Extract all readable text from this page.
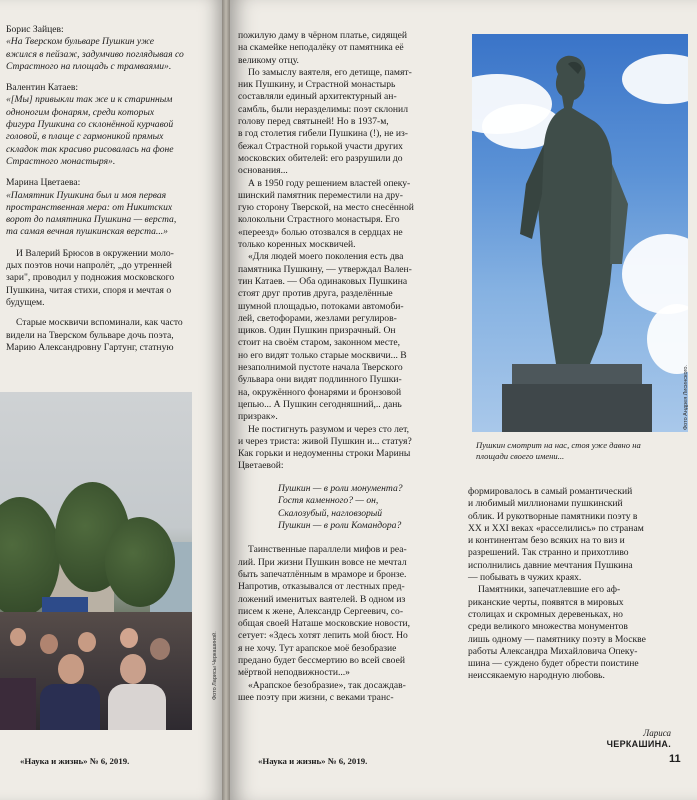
Борис Зайцев:

«На Тверском бульваре Пушкин уже
вжился в пейзаж, задумчиво поглядывая со
Страстного на площадь с трамваями».

Валентин Катаев:

«[Мы] привыкли так же и к старинным
одноногим фонарям, среди которых
фигура Пушкина со склонённой курчавой
головой, в плаще с гармоникой прямых
складок так красиво рисовалась на фоне
Страстного монастыря».

Марина Цветаева:

«Памятник Пушкина был и моя первая
пространственная мера: от Никитских
ворот до памятника Пушкина — верста,
та самая вечная пушкинская верста...»

И Валерий Брюсов в окружении моло-
дых поэтов ночи напролёт, „до утренней
зари", проводил у подножия московского
Пушкина, читая стихи, споря и мечтая о
будущем.

Старые москвичи вспоминали, как часто
видели на Тверском бульваре дочь поэта,
Марию Александровну Гартунг, статную

Фото Ларисы Черкашиной.
«Наука и жизнь» № 6, 2019.
Фото Андрея Лисинского.
Пушкин смотрит на нас, стоя уже давно на
площади своего имени...

пожилую даму в чёрном платье, сидящей
на скамейке неподалёку от памятника её
великому отцу.

По замыслу ваятеля, его детище, памят-
ник Пушкину, и Страстной монастырь
составляли единый архитектурный ан-
самбль, были неразделимы: поэт склонил
голову перед святыней! Но в 1937-м,
в год столетия гибели Пушкина (!), не из-
бежал Страстной горькой участи других
московских обителей: его разрушили до
основания...

А в 1950 году решением властей опеку-
шинский памятник переместили на дру-
гую сторону Тверской, на место снесённой
колокольни Страстного монастыря. Его
«переезд» болью отозвался в сердцах не
только коренных москвичей.

«Для людей моего поколения есть два
памятника Пушкину, — утверждал Вален-
тин Катаев. — Оба одинаковых Пушкина
стоят друг против друга, разделённые
шумной площадью, потоками автомоби-
лей, светофорами, жезлами регулиров-
щиков. Один Пушкин призрачный. Он
стоит на своём старом, законном месте,
но его видят только старые москвичи... В
незаполнимой пустоте начала Тверского
бульвара они видят подлинного Пушки-
на, окружённого фонарями и бронзовой
цепью... А Пушкин сегодняшний,.. дань
призрак».

Не постигнуть разумом и через сто лет,
и через триста: живой Пушкин и... статуя?
Как горьки и недоуменны строки Марины
Цветаевой:

Пушкин — в роли монумента?
Гостя каменного? — он,
Скалозубый, нагловзорый
Пушкин — в роли Командора?

Таинственные параллели мифов и реа-
лий. При жизни Пушкин вовсе не мечтал
быть запечатлённым в мраморе и бронзе.
Напротив, отказывался от лестных пред-
ложений именитых ваятелей. В одном из
писем к жене, Александр Сергеевич, со-
общая своей Наташе московские новости,
сетует: «Здесь хотят лепить мой бюст. Но
я не хочу. Тут арапское моё безобразие
предано будет бессмертию во всей своей
мёртвой неподвижности...»

«Арапское безобразие», так досаждав-
шее поэту при жизни, с веками транс-

формировалось в самый романтический
и любимый миллионами пушкинский
облик. И рукотворные памятники поэту в
XX и XXI веках «расселились» по странам
и континентам безо всяких на то виз и
разрешений. Так странно и прихотливо
исполнились давние мечтания Пушкина
— побывать в чужих краях.

Памятники, запечатлевшие его аф-
риканские черты, появятся в мировых
столицах и скромных деревеньках, но
среди великого множества монументов
лишь одному — памятнику поэту в Москве
работы Александра Михайловича Опеку-
шина — суждено будет обрести поистине
неиссякаемую народную любовь.

Лариса
ЧЕРКАШИНА.
«Наука и жизнь» № 6, 2019.	11
